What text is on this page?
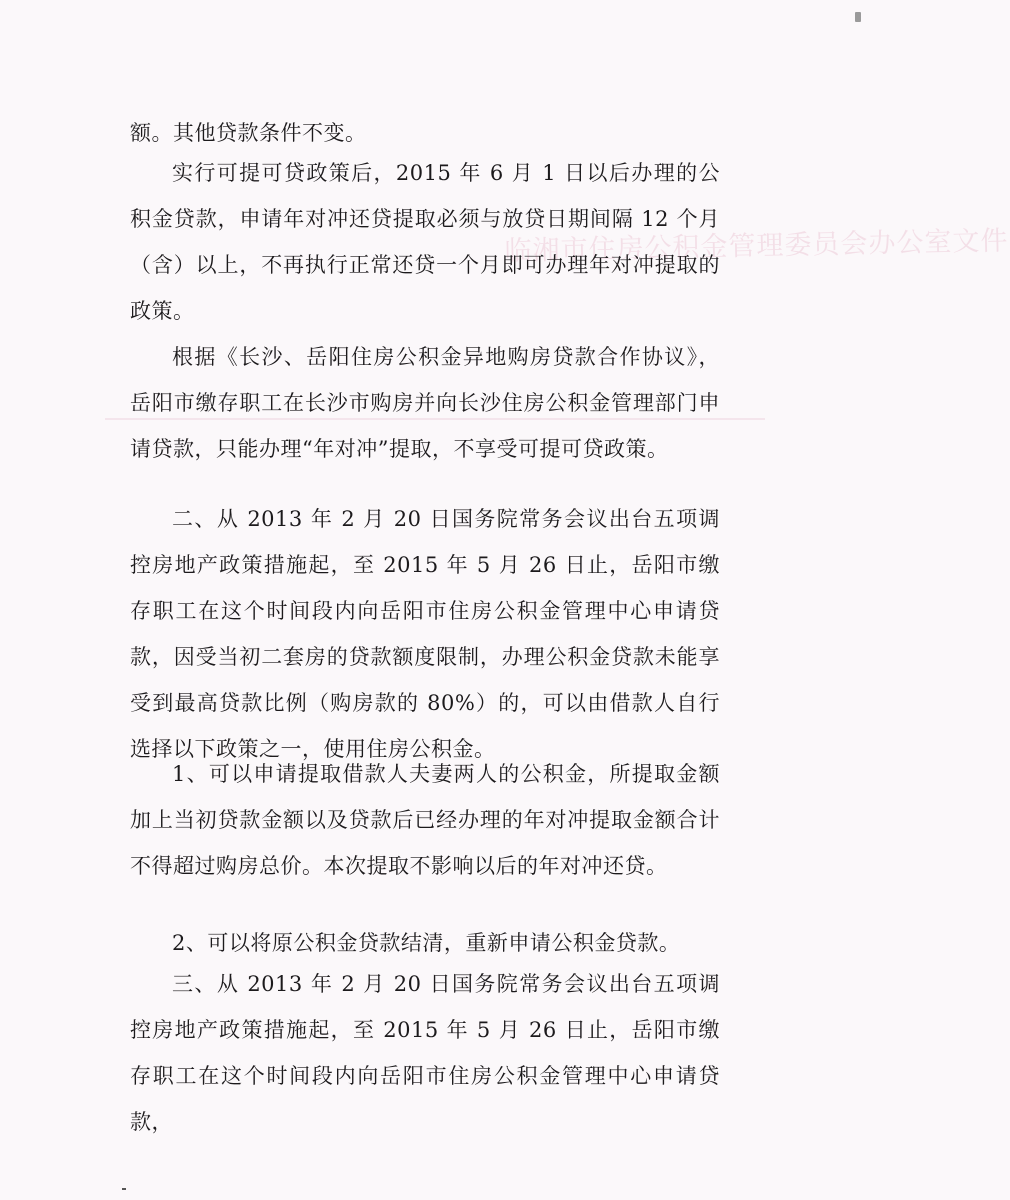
临湘市住房公积金管理委员会办公室文件

额。其他贷款条件不变。

实行可提可贷政策后，2015 年 6 月 1 日以后办理的公积金贷款，申请年对冲还贷提取必须与放贷日期间隔 12 个月（含）以上，不再执行正常还贷一个月即可办理年对冲提取的政策。

根据《长沙、岳阳住房公积金异地购房贷款合作协议》，岳阳市缴存职工在长沙市购房并向长沙住房公积金管理部门申请贷款，只能办理“年对冲”提取，不享受可提可贷政策。

二、从 2013 年 2 月 20 日国务院常务会议出台五项调控房地产政策措施起，至 2015 年 5 月 26 日止，岳阳市缴存职工在这个时间段内向岳阳市住房公积金管理中心申请贷款，因受当初二套房的贷款额度限制，办理公积金贷款未能享受到最高贷款比例（购房款的 80%）的，可以由借款人自行选择以下政策之一，使用住房公积金。

1、可以申请提取借款人夫妻两人的公积金，所提取金额加上当初贷款金额以及贷款后已经办理的年对冲提取金额合计不得超过购房总价。本次提取不影响以后的年对冲还贷。

2、可以将原公积金贷款结清，重新申请公积金贷款。

三、从 2013 年 2 月 20 日国务院常务会议出台五项调控房地产政策措施起，至 2015 年 5 月 26 日止，岳阳市缴存职工在这个时间段内向岳阳市住房公积金管理中心申请贷款，
